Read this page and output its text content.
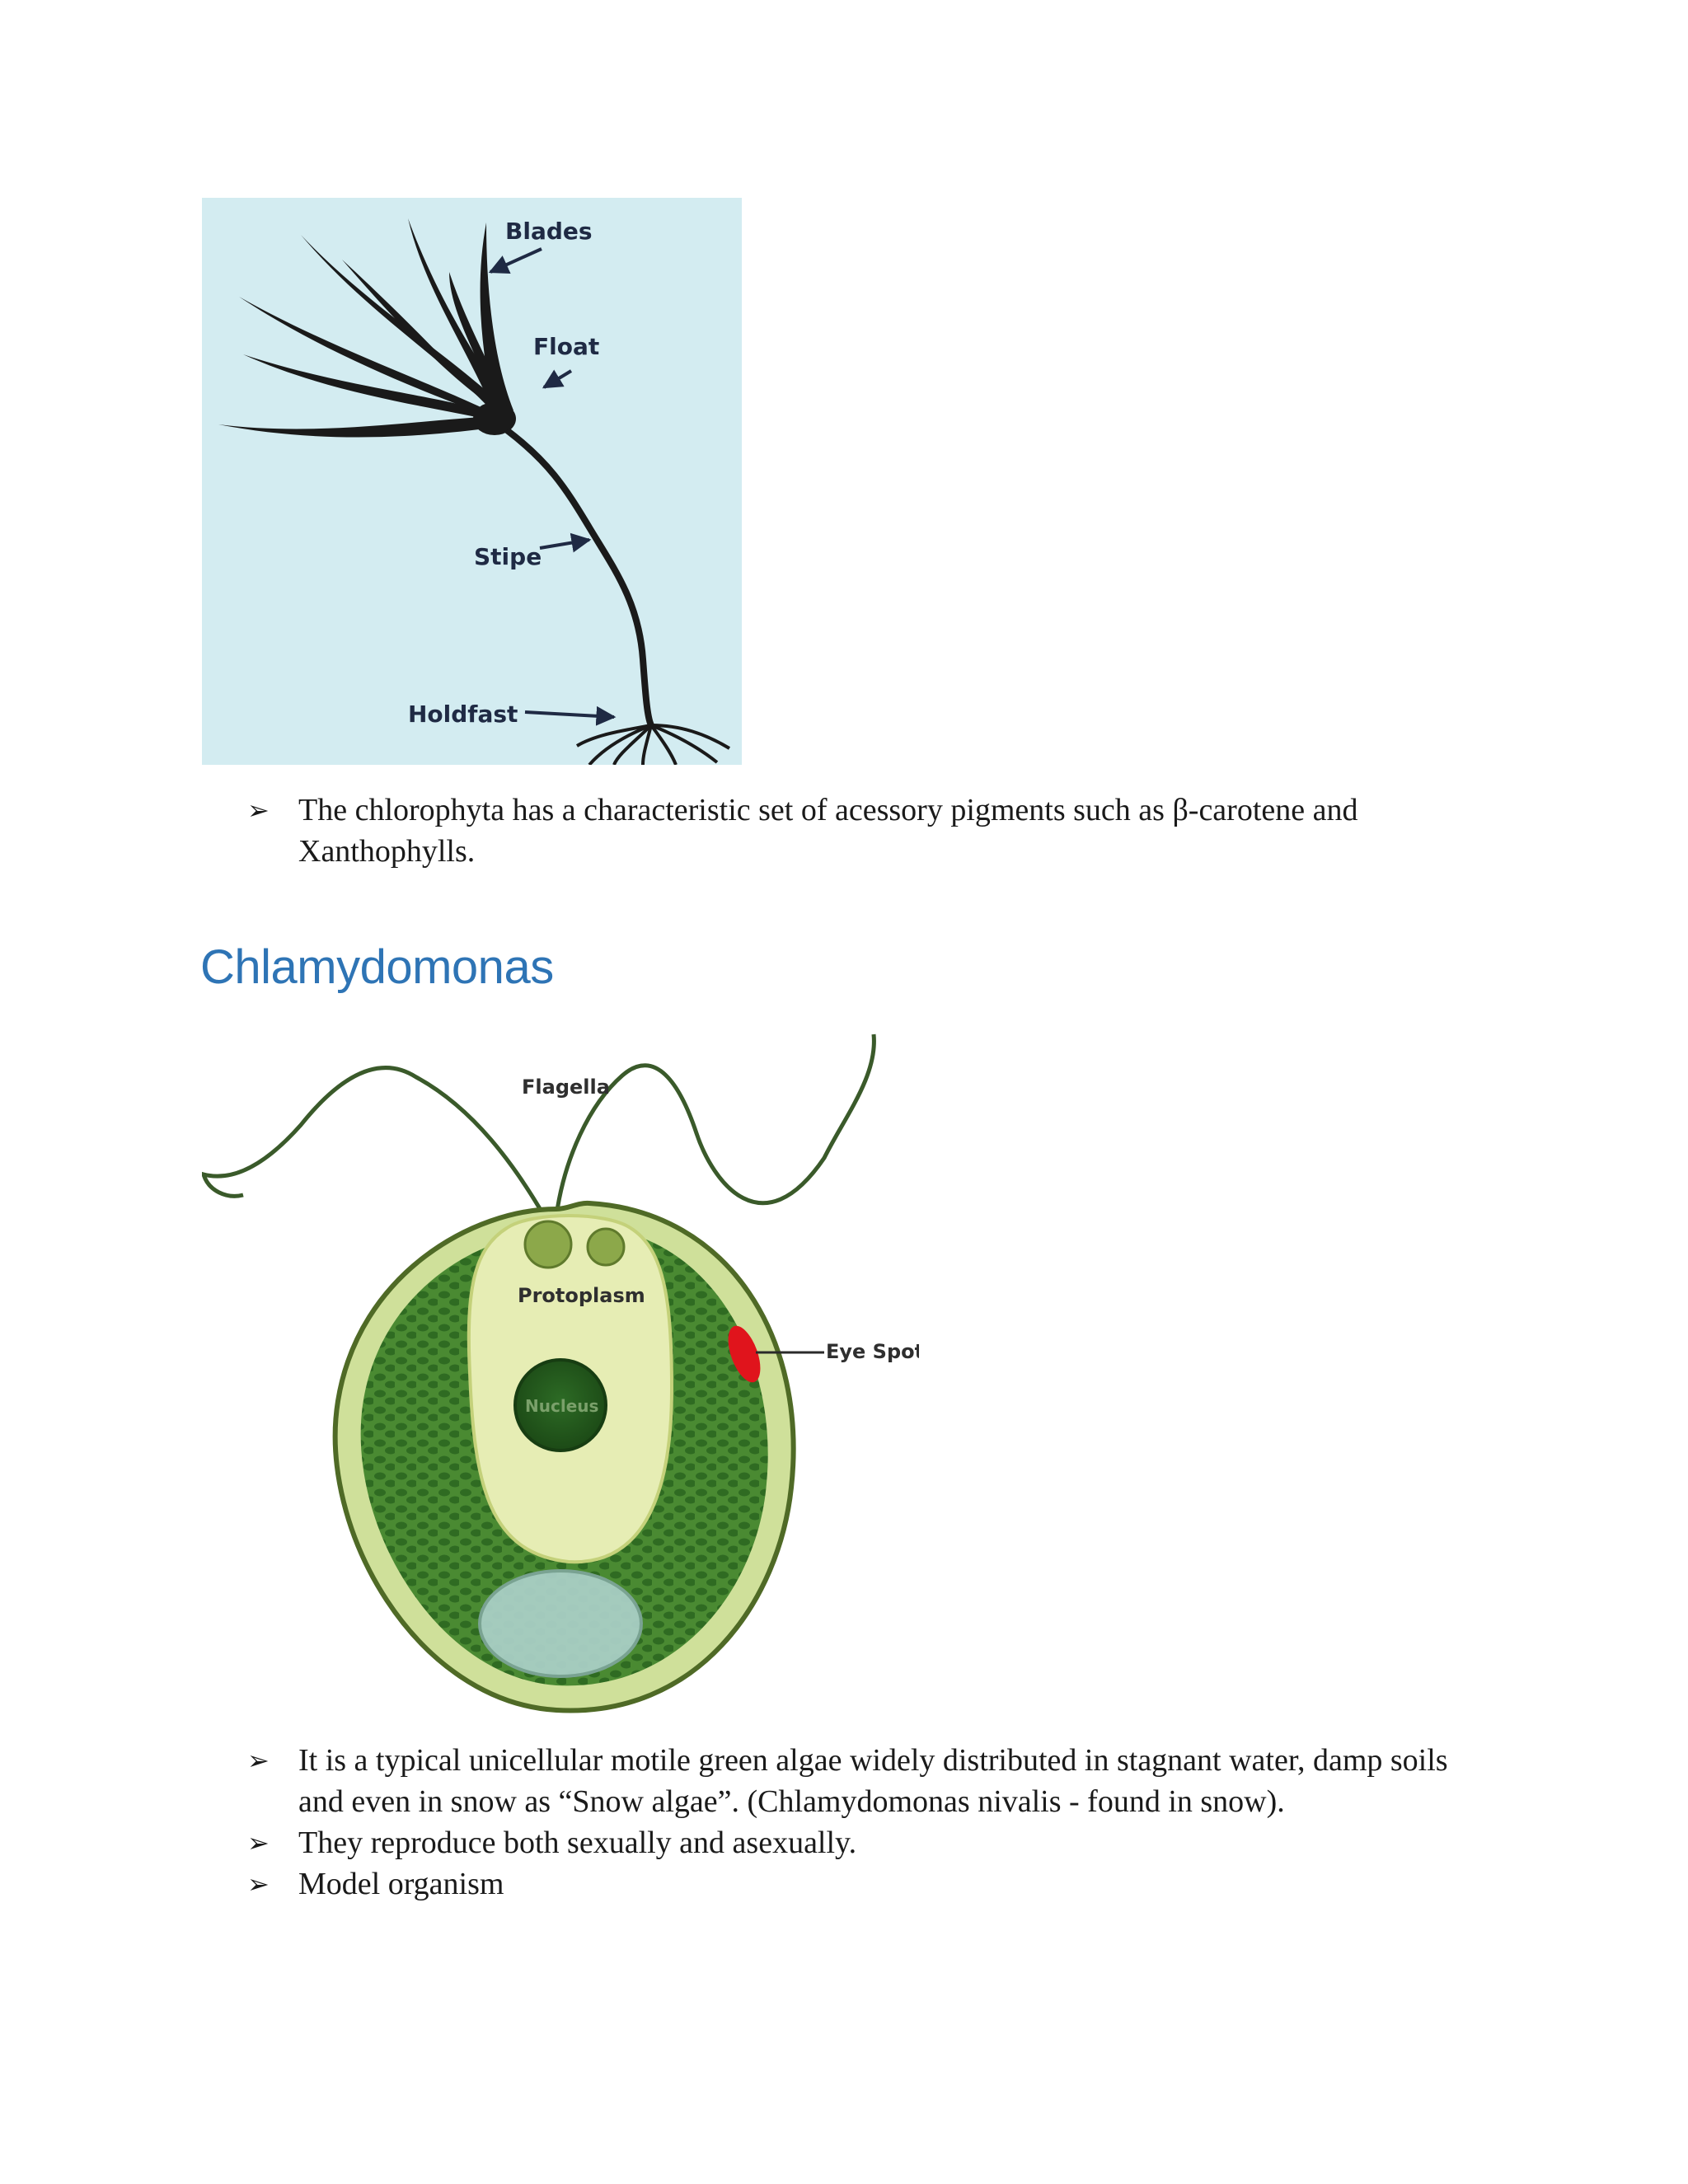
Blades
Float
Stipe
Holdfast
➢ The chlorophyta has a characteristic set of acessory pigments such as β-carotene and Xanthophylls.
Chlamydomonas
Flagella
Protoplasm
Eye Spot
Nucleus
➢ It is a typical unicellular motile green algae widely distributed in stagnant water, damp soils and even in snow as “Snow algae”. (Chlamydomonas nivalis - found in snow).
➢ They reproduce both sexually and asexually.
➢ Model organism
